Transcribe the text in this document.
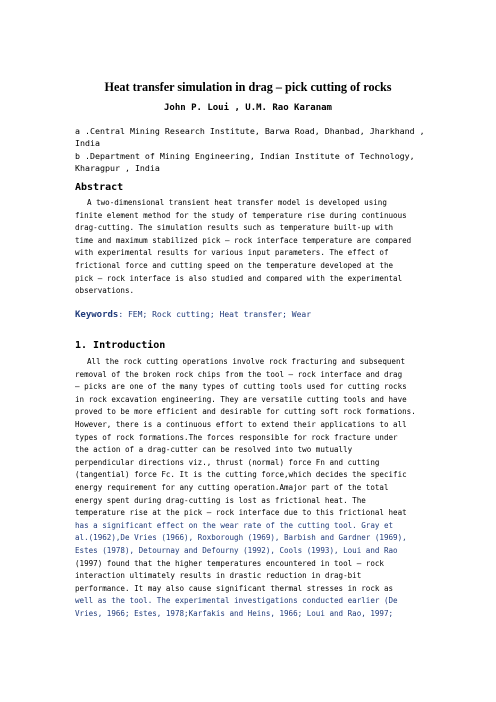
Heat transfer simulation in drag – pick cutting of rocks
John P. Loui , U.M. Rao Karanam
a .Central Mining Research Institute, Barwa Road, Dhanbad, Jharkhand ,
India
b .Department of Mining Engineering, Indian Institute of Technology,
Kharagpur , India
Abstract
A two-dimensional transient heat transfer model is developed using
finite element method for the study of temperature rise during continuous
drag-cutting. The simulation results such as temperature built-up with
time and maximum stabilized pick – rock interface temperature are compared
with experimental results for various input parameters. The effect of
frictional force and cutting speed on the temperature developed at the
pick – rock interface is also studied and compared with the experimental
observations.
Keywords: FEM; Rock cutting; Heat transfer; Wear
1. Introduction
All the rock cutting operations involve rock fracturing and subsequent
removal of the broken rock chips from the tool – rock interface and drag
– picks are one of the many types of cutting tools used for cutting rocks
in rock excavation engineering. They are versatile cutting tools and have
proved to be more efficient and desirable for cutting soft rock formations.
However, there is a continuous effort to extend their applications to all
types of rock formations.The forces responsible for rock fracture under
the action of a drag-cutter can be resolved into two mutually
perpendicular directions viz., thrust (normal) force Fn and cutting
(tangential) force Fc. It is the cutting force,which decides the specific
energy requirement for any cutting operation.Amajor part of the total
energy spent during drag-cutting is lost as frictional heat. The
temperature rise at the pick – rock interface due to this frictional heat
has a significant effect on the wear rate of the cutting tool. Gray et
al.(1962),De Vries (1966), Roxborough (1969), Barbish and Gardner (1969),
Estes (1978), Detournay and Defourny (1992), Cools (1993), Loui and Rao
(1997) found that the higher temperatures encountered in tool – rock
interaction ultimately results in drastic reduction in drag-bit
performance. It may also cause significant thermal stresses in rock as
well as the tool. The experimental investigations conducted earlier (De
Vries, 1966; Estes, 1978;Karfakis and Heins, 1966; Loui and Rao, 1997;
